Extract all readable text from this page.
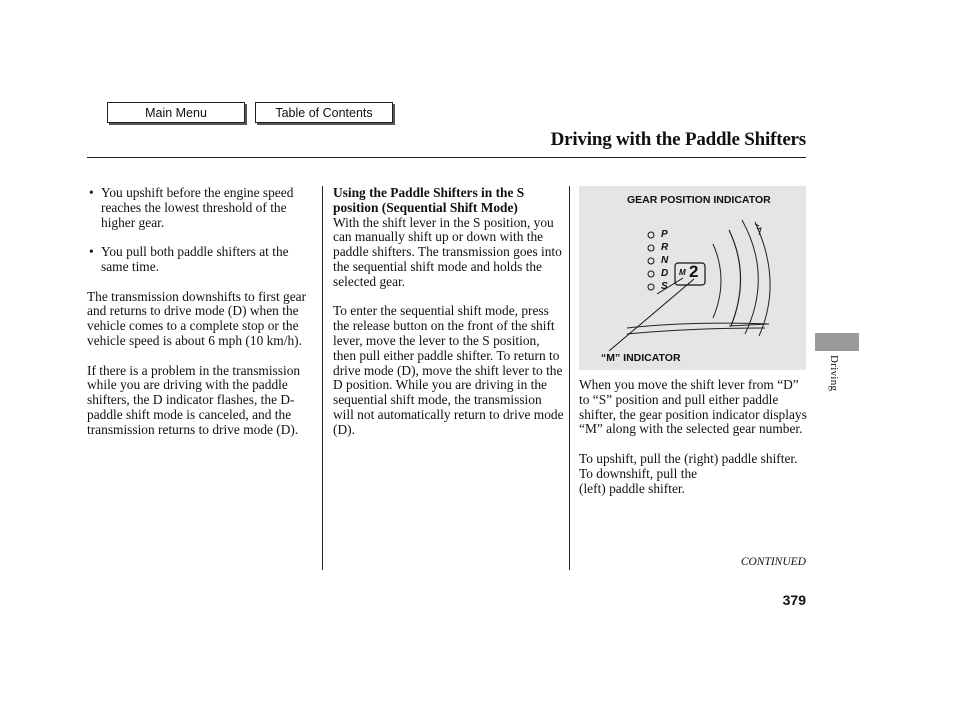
Main Menu	Table of Contents
Driving with the Paddle Shifters
• You upshift before the engine speed reaches the lowest threshold of the higher gear.
• You pull both paddle shifters at the same time.
The transmission downshifts to first gear and returns to drive mode (D) when the vehicle comes to a complete stop or the vehicle speed is about 6 mph (10 km/h).
If there is a problem in the transmission while you are driving with the paddle shifters, the D indicator flashes, the D-paddle shift mode is canceled, and the transmission returns to drive mode (D).
Using the Paddle Shifters in the S position (Sequential Shift Mode)
With the shift lever in the S position, you can manually shift up or down with the paddle shifters. The transmission goes into the sequential shift mode and holds the selected gear.
To enter the sequential shift mode, press the release button on the front of the shift lever, move the lever to the S position, then pull either paddle shifter. To return to drive mode (D), move the shift lever to the D position. While you are driving in the sequential shift mode, the transmission will not automatically return to drive mode (D).
GEAR POSITION INDICATOR
P
R
N
D
S
M 2
“M” INDICATOR
When you move the shift lever from “D” to “S” position and pull either paddle shifter, the gear position indicator displays “M” along with the selected gear number.
To upshift, pull the (right) paddle shifter. To downshift, pull the
(left) paddle shifter.
Driving
CONTINUED
379
